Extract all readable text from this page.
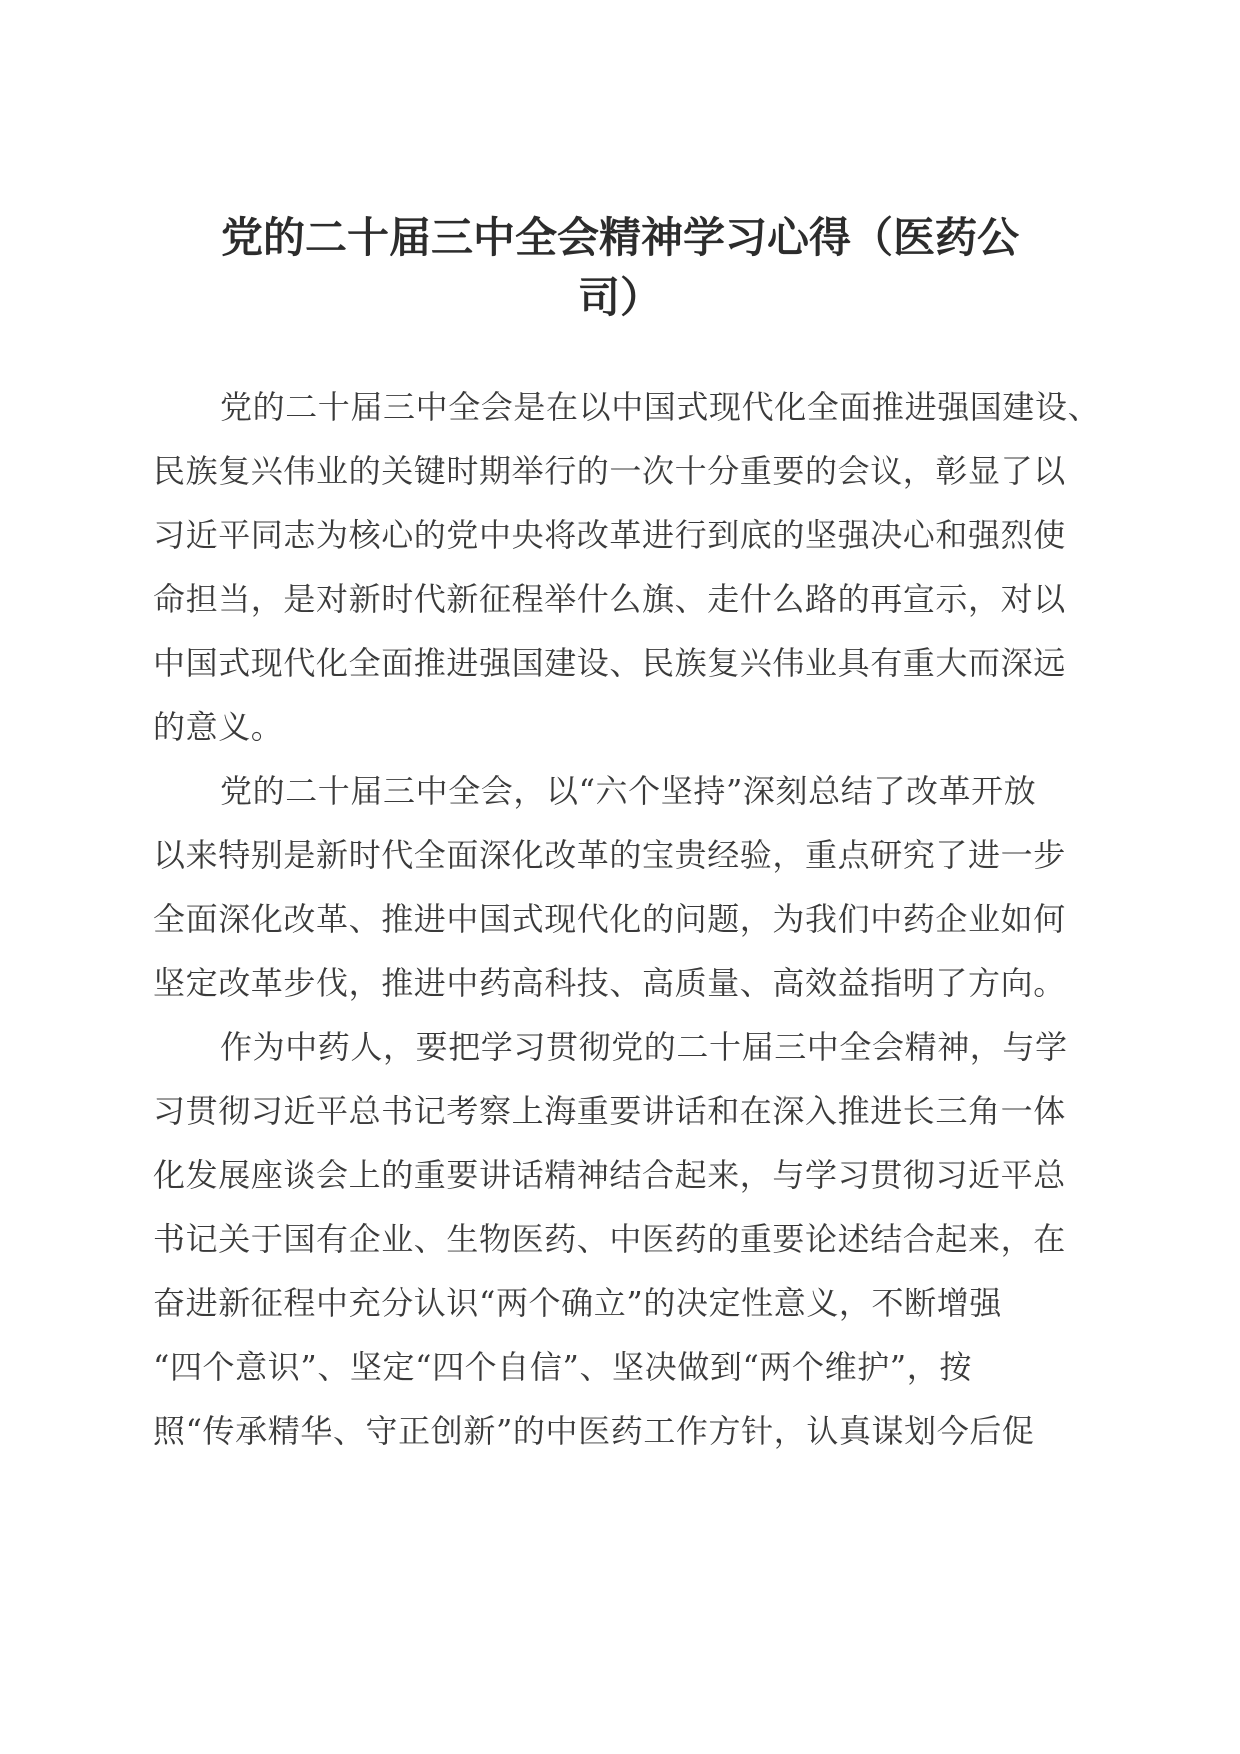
党的二十届三中全会精神学习心得（医药公
司）
党的二十届三中全会是在以中国式现代化全面推进强国建设、
民族复兴伟业的关键时期举行的一次十分重要的会议，彰显了以
习近平同志为核心的党中央将改革进行到底的坚强决心和强烈使
命担当，是对新时代新征程举什么旗、走什么路的再宣示，对以
中国式现代化全面推进强国建设、民族复兴伟业具有重大而深远
的意义。
党的二十届三中全会，以“六个坚持”深刻总结了改革开放
以来特别是新时代全面深化改革的宝贵经验，重点研究了进一步
全面深化改革、推进中国式现代化的问题，为我们中药企业如何
坚定改革步伐，推进中药高科技、高质量、高效益指明了方向。
作为中药人，要把学习贯彻党的二十届三中全会精神，与学
习贯彻习近平总书记考察上海重要讲话和在深入推进长三角一体
化发展座谈会上的重要讲话精神结合起来，与学习贯彻习近平总
书记关于国有企业、生物医药、中医药的重要论述结合起来，在
奋进新征程中充分认识“两个确立”的决定性意义，不断增强
“四个意识”、坚定“四个自信”、坚决做到“两个维护”，按
照“传承精华、守正创新”的中医药工作方针，认真谋划今后促
